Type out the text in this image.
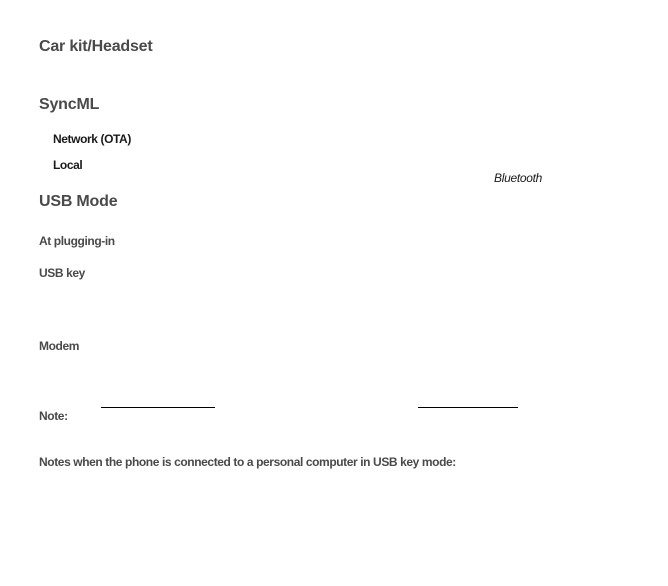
Car kit/Headset
SyncML
Network (OTA)
Local
Bluetooth
USB Mode
At plugging-in
USB key
Modem
Note:
Notes when the phone is connected to a personal computer in USB key mode:
